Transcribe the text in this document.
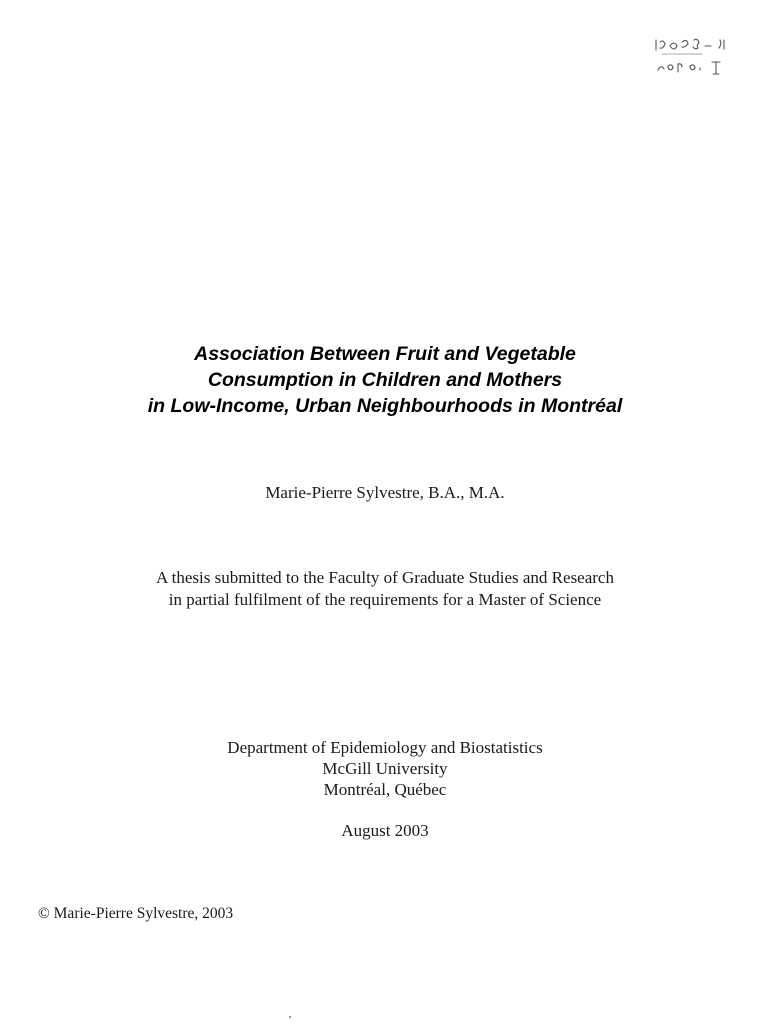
Association Between Fruit and Vegetable
Consumption in Children and Mothers
in Low-Income, Urban Neighbourhoods in Montréal
Marie-Pierre Sylvestre, B.A., M.A.
A thesis submitted to the Faculty of Graduate Studies and Research
in partial fulfilment of the requirements for a Master of Science
Department of Epidemiology and Biostatistics
McGill University
Montréal, Québec
August 2003
© Marie-Pierre Sylvestre, 2003
